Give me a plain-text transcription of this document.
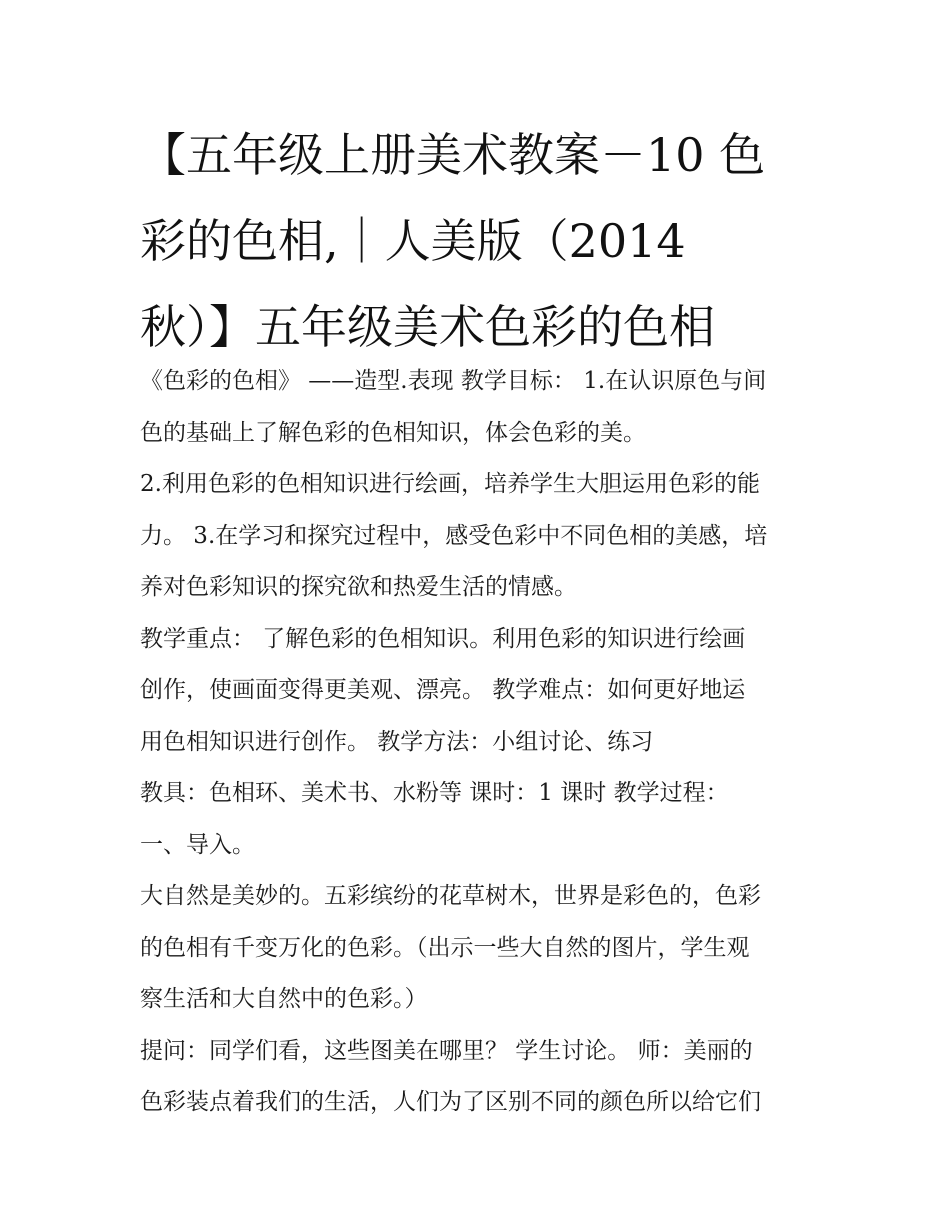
【五年级上册美术教案－10 色
彩的色相,｜人美版（2014
秋）】五年级美术色彩的色相
《色彩的色相》 ——造型.表现 教学目标： 1.在认识原色与间
色的基础上了解色彩的色相知识，体会色彩的美。
2.利用色彩的色相知识进行绘画，培养学生大胆运用色彩的能
力。 3.在学习和探究过程中，感受色彩中不同色相的美感，培
养对色彩知识的探究欲和热爱生活的情感。
教学重点： 了解色彩的色相知识。利用色彩的知识进行绘画
创作，使画面变得更美观、漂亮。 教学难点：如何更好地运
用色相知识进行创作。 教学方法：小组讨论、练习
教具：色相环、美术书、水粉等 课时：1 课时 教学过程：
一、导入。
大自然是美妙的。五彩缤纷的花草树木，世界是彩色的，色彩
的色相有千变万化的色彩。（出示一些大自然的图片，学生观
察生活和大自然中的色彩。）
提问：同学们看，这些图美在哪里？ 学生讨论。 师：美丽的
色彩装点着我们的生活，人们为了区别不同的颜色所以给它们
